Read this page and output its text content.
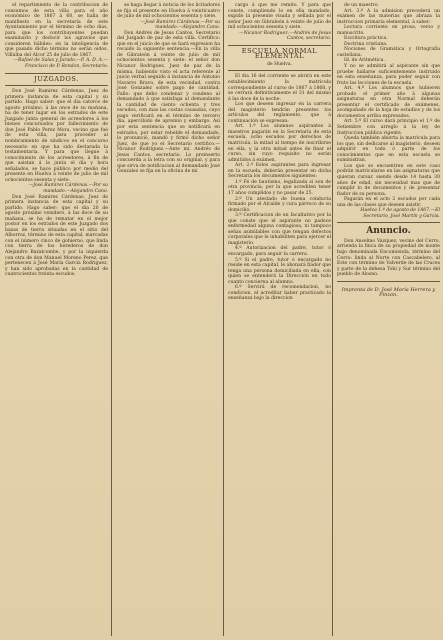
el repartimiento de la contribucion de consumos de esta villa para el año económico de 1867 á 68, se halla de manifiesto en la secretaría de este Ayuntamiento por el término de ocho dias, para que los contribuyentes puedan examinarlo y deducir los agravios que consideren hábiles: en la inteligencia de que pasado dicho término no serán oidos. Villalba del Alcor 25 de julio de 1867.

—Rafael de Salas y Jurado.—P. A. D. A.—Francisco de P. Rendon, Secretario.

JUZGADOS.

Don José Ramirez Cárdenas, Juez de primera instancia de esta capital y su partido. Hago saber: que el dia catorce de agosto próximo, á las once de su mañana, ha de tener lugar en los estrados de este Juzgado junta general de acreedores á los bienes concursados por fallecimiento de don José Pablo Perez Mora, vecino que fué de esta villa, para proceder al nombramiento de síndicos en el concurso necesario en que ha sido declarada la testamentaría. Y para que llegue á conocimiento de los acreedores, á fin de que asistan á la junta el dia y hora señalados, se hace público por medio del presente en Huelva á veinte de julio de mil ochocientos sesenta y siete.

—José Ramirez Cárdenas.—Por su mandado.—Alejandro Cano.

Don José Ramirez Cárdenas, Juez de primera instancia de esta capital y su partido. Hago saber: que el dia 20 de agosto próximo venidero, á las doce de su mañana, se ha de rematar en el mejor postor en los estrados de este Juzgado dos hazas de tierra situadas en el sitio del Alborroz, término de esta capital, marcadas con el número cinco de gobierno, que linda con tierra de los herederos de don Alejandro Bazalcombe, y por la izquierda con otra de don Manuel Moreno Perez, que pertenecen á José María Garcia Rodriguez, y han sido aprobadas en la cantidad de cuatrocientos treinta escudos.

se haga llegar á noticia de los licitadores se fija el presente en Huelva á veinticuatro de julio de mil ochocientos sesenta y siete.

—José Ramirez Cárdenas.—Por su mandado.—Alejandro Cano.

Don Andrés de Jesus Cantos, Secretario del Juzgado de paz de esta villa. Certifico: que en el juicio de que se hará espresion ha recaido la siguiente sentencia.—En la villa de Gibraleón á veinte de julio de mil ochocientos sesenta y siete: el señor don Nicanor Rodriguez, Juez de paz de la misma, habiendo visto el acta referente al juicio verbal seguido á instancia de Antonio Navarro Bravo, de esta vecindad, contra José Gonzalez sobre pago de cantidad. Fallo: que debo condenar y condeno al demandado á que satisfaga al demandante la cantidad de ciento ochenta y tres escudos, con mas las costas causadas, cuyo pago verificará en el término de tercero dia, apercibido de apremio y embargo. Así por esta sentencia que se notificará en estrados, por estar rebelde el demandado, lo pronunció, mandó y firmó dicho señor Juez, de que yo el Secretario certifico.—Nicanor Rodriguez.—Ante mí, Andrés de Jesus Cantos, secretario. Lo preinserto concuerda a la letra con su original, y para que sirva de notificacion al demandado José Gonzalez se fija en la oficina de mi

cargo á que me remito. Y para que conste, cumpliendo lo en ella mandado, expido la presente visada y sellada por el señor Juez en Gibraleón á veinte de julio de mil ochocientos sesenta y siete.

—Nicanor Rodriguez.—Andrés de Jesus Cantos, secretario.

ESCUELA NORMAL ELEMENTAL
de Huelva.

El dia 16 del corriente se abrirá en este establecimiento la matrícula correspondiente al curso de 1867 á 1868, y se cerrará definitivamente el 31 del mismo á las doce de la noche.

Los que deseen ingresar en la carrera del magisterio tendrán presentes los artículos del reglamento, que á continuación se expresan:

Art. 1.º Los alumnos aspirantes á maestros pagarán en la Secretaría de esta escuela, ocho escudos por derechos de matrícula, la mitad al tiempo de inscribirse en ella, y la otra mitad antes de finar el curso, sin cuyo requisito no serán admitidos á exámen.

Art. 2.º Estos aspirantes para ingresar en la escuela, deberán presentar en dicha Secretaría los documentos siguientes:

1.º Fé de bautismo, legalizada si son de otra provincia, por la que acrediten tener 17 años cumplidos y no pasar de 25.

2.º Un atestado de buena conducta firmado por el Alcalde y cura párroco de su domicilio.

3.º Certificacion de un facultativo por la que conste que el aspirante no padece enfermedad alguna contagiosa, ni tampoco señas asimilables con que tengan defectos corporales que le inhabiliten para ejercer el magisterio.

4.º Autorizacion del padre, tutor ó encargado, para seguir la carrera.

5.º Si el padre, tutor ó encargado no reside en esta capital, le abonará fiador que tenga una persona domiciliada en ella, con quien se entenderá la Dirección en todo cuanto concierna al alumno.

6.º Servirá de recomendacion, no condicion, el acreditar haber practicado la enseñanza bajo la direccion

de un maestro.

Art. 3.º A la admision precederá un exámen de las materias que abraza la instruccion primaria elemental, á saber:

Lectura corriente en prosa, verso y manuscrito.

Escritura práctica.

Doctrina cristiana.

Nociones de Gramática y Ortografía castellana.

Id. de Aritmética.

Y no se admitirá al aspirante sin que pruebe hallarse suficientemente instruido en esta enseñanza, para poder seguir con fruto las lecciones de la escuela.

Art. 4.º Los alumnos que hubieren probado el primer año á algunas asignaturas en otra Normal deberán presentar el certificado de exámenes, acompañado de la hoja de estudios y de los documentos arriba expresados.

Art. 5.º El curso dará principio el 1.º de Setiembre con arreglo á la ley de Instruccion pública vigente.

Queda también abierta la matrícula para los que, sin dedicarse al magisterio, deseen adquirir en todo ó parte de los conocimientos que en esta escuela se suministran.

Los que se encuentren en este caso podrán matricularse en las asignaturas que quieran cursar, siendo desde 14 hasta 30 años de edad, sin necesidad mas que de cumplir lo de documentos y de presentar fiador de su persona.

Pagarán en el acto 2 escudos por cada una de las clases que deseen asistir.

Huelva 1.º de agosto de 1867.—El Secretario, José Martín y Garcia.

Anuncio.

Don Anselmo Vazquez, vecino del Cerro, arrienda la finca de su propiedad de monte bajo denominada Encomienda, término del Cerro: linda al Norte con Cascabelero, al Este con término de Valverde de las Cruces y parte de la dehesa Tobi y Sur término del pueblo de Alosno.

Imprenta de D. José María Herrera y Pinzon.
